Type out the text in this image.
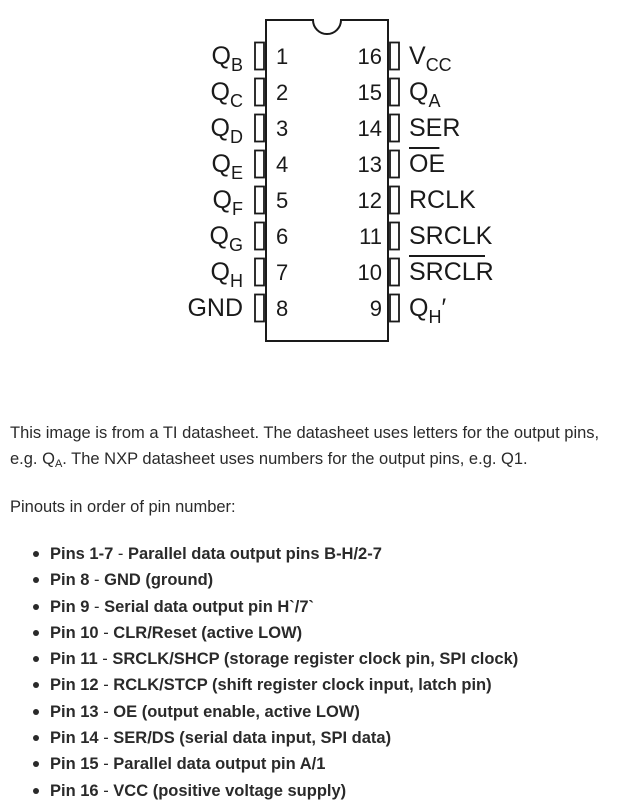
1
$Q_B$
2
$Q_C$
3
$Q_D$
4
$Q_E$
5
$Q_F$
6
$Q_G$
7
$Q_H$
8
GND
16 $V_{CC}$
15 $Q_A$
14 SER
13 OE
12 RCLK
11 SRCLK
10 SRCLR
9 $Q_H'$

This image is from a TI datasheet. The datasheet uses letters for the output pins, e.g. $Q_A$. The NXP datasheet uses numbers for the output pins, e.g. Q1.

Pinouts in order of pin number:

Pins 1-7 - Parallel data output pins B-H/2-7
Pin 8 - GND (ground)
Pin 9 - Serial data output pin H`/7`
Pin 10 - CLR/Reset (active LOW)
Pin 11 - SRCLK/SHCP (storage register clock pin, SPI clock)
Pin 12 - RCLK/STCP (shift register clock input, latch pin)
Pin 13 - OE (output enable, active LOW)
Pin 14 - SER/DS (serial data input, SPI data)
Pin 15 - Parallel data output pin A/1
Pin 16 - VCC (positive voltage supply)
